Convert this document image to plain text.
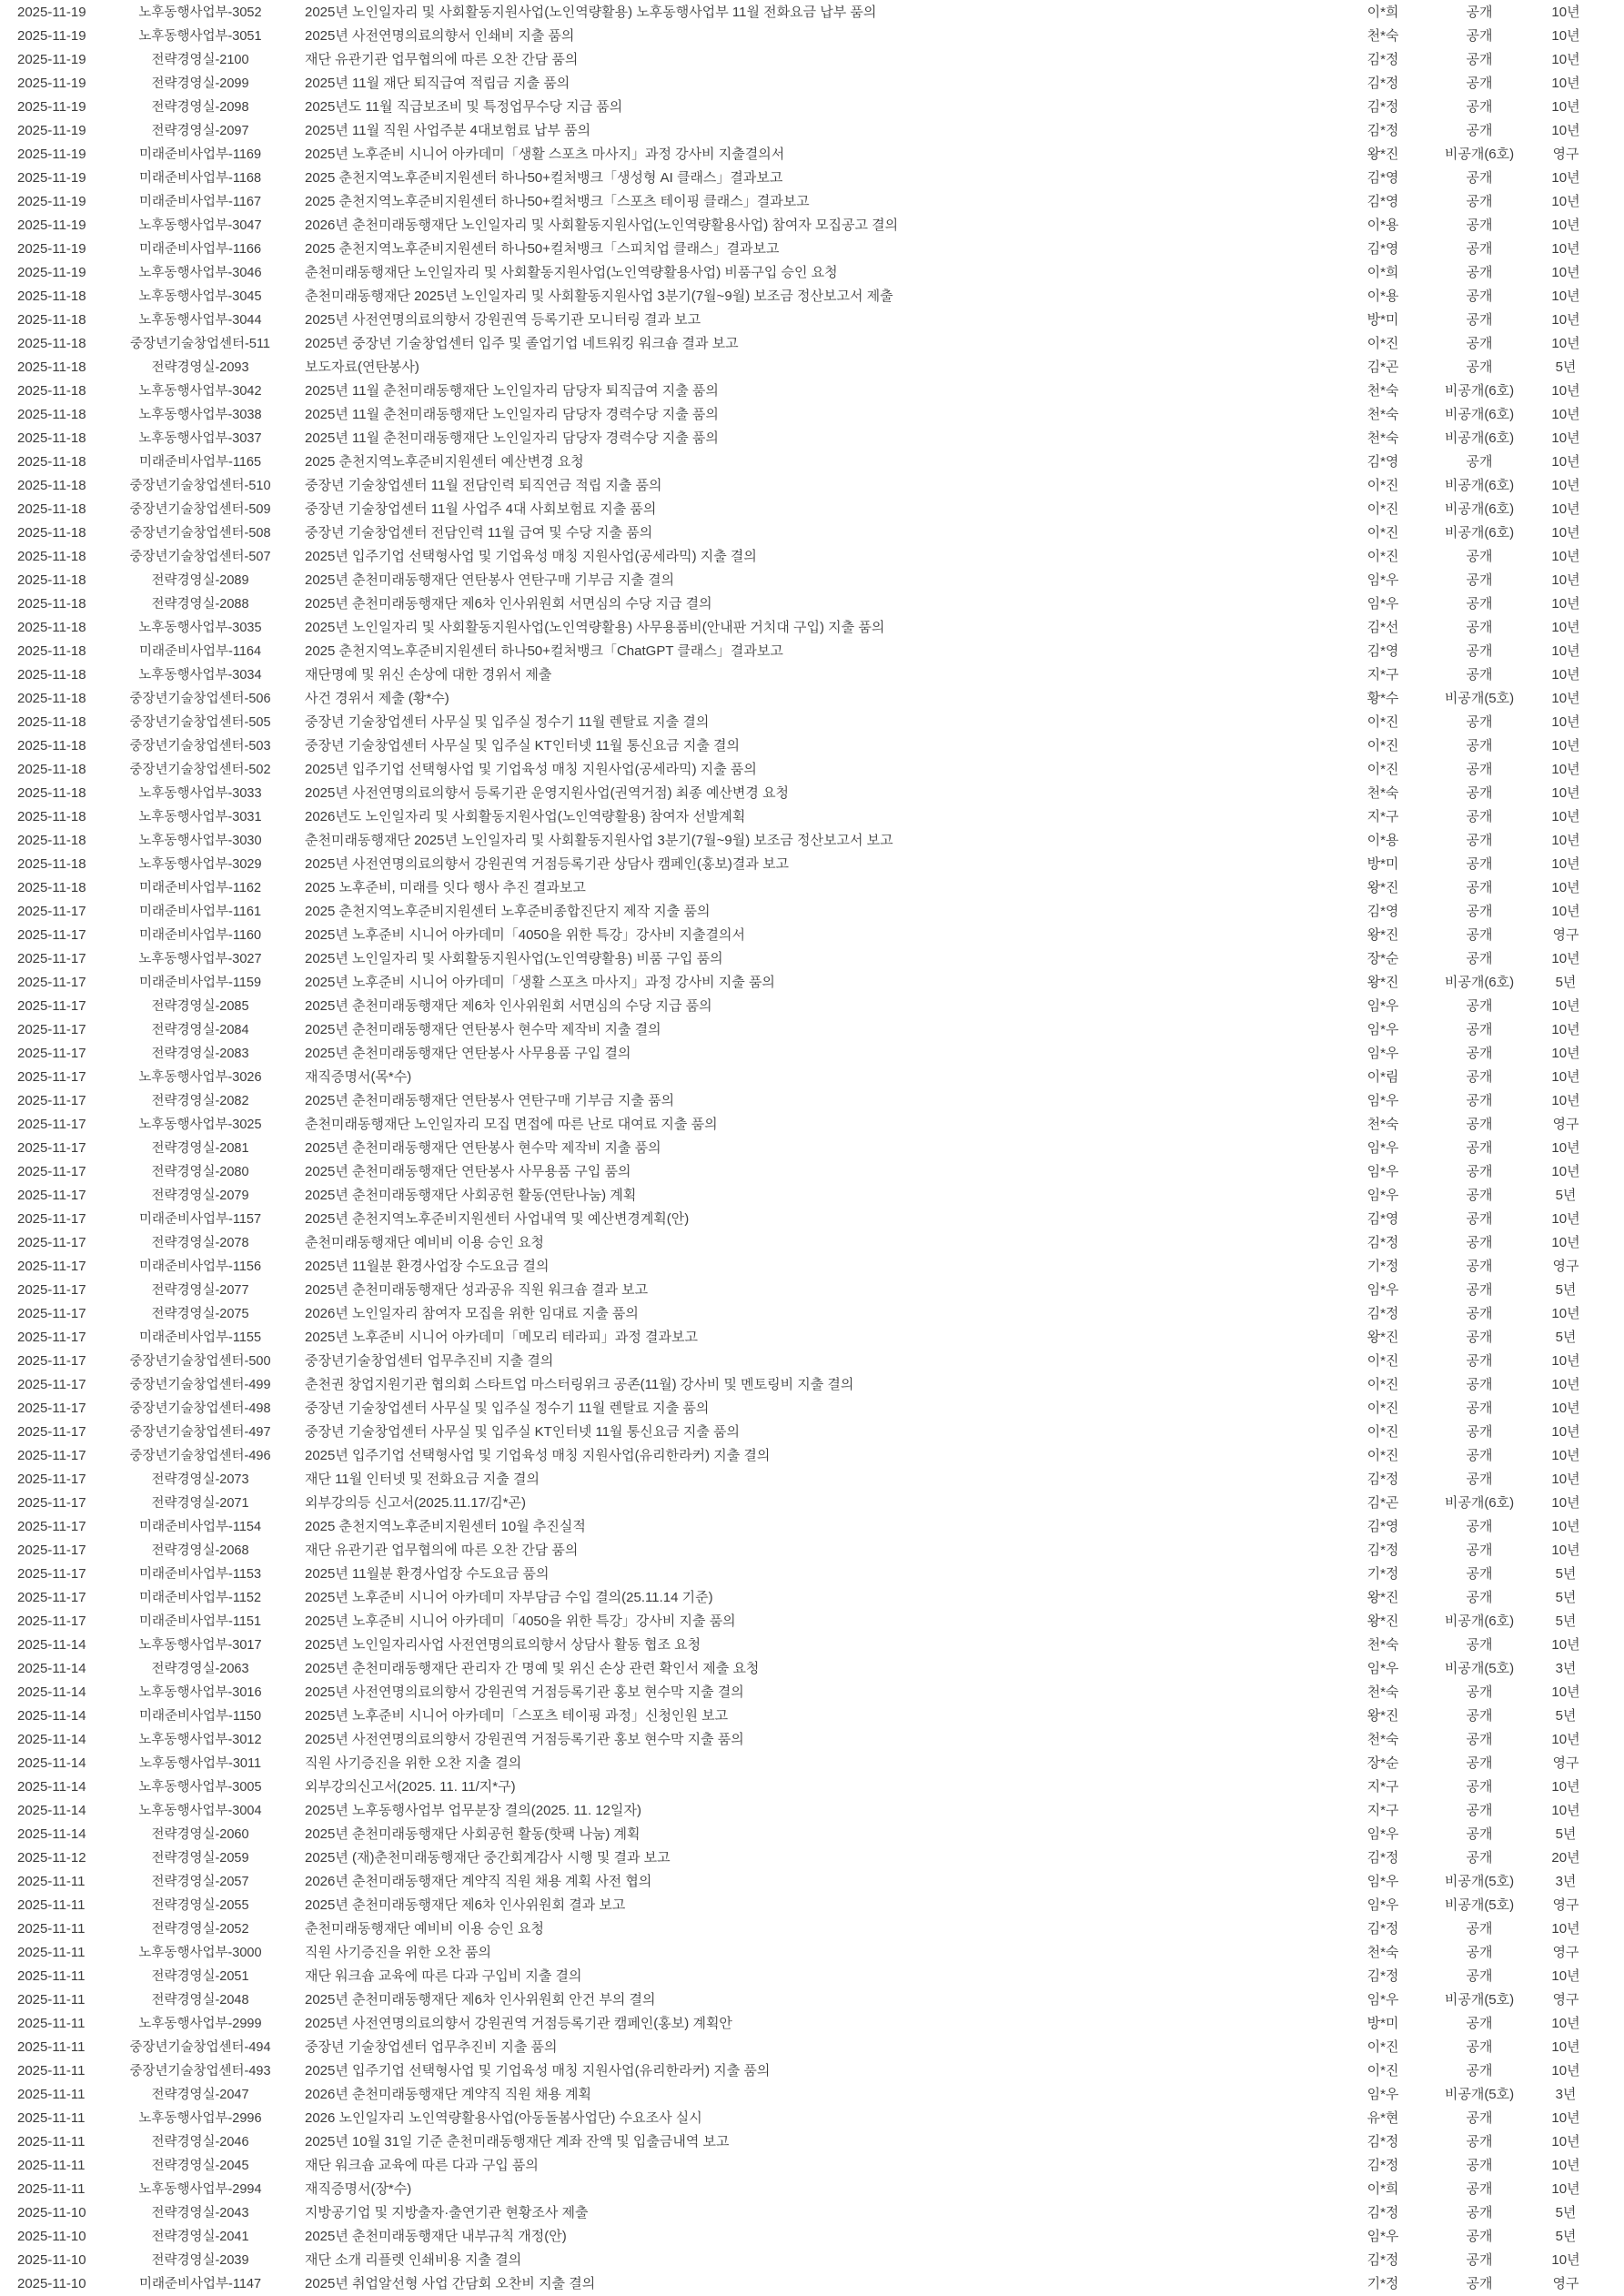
2025-11-19	노후동행사업부-3052	2025년 노인일자리 및 사회활동지원사업(노인역량활용) 노후동행사업부 11월 전화요금 납부 품의	이*희	공개	10년
2025-11-19	노후동행사업부-3051	2025년 사전연명의료의향서 인쇄비 지출 품의	천*숙	공개	10년
2025-11-19	전략경영실-2100	재단 유관기관 업무협의에 따른 오찬 간담 품의	김*정	공개	10년
2025-11-19	전략경영실-2099	2025년 11월 재단 퇴직급여 적립금 지출 품의	김*정	공개	10년
2025-11-19	전략경영실-2098	2025년도 11월 직급보조비 및 특정업무수당 지급 품의	김*정	공개	10년
2025-11-19	전략경영실-2097	2025년 11월 직원 사업주분 4대보험료 납부 품의	김*정	공개	10년
2025-11-19	미래준비사업부-1169	2025년 노후준비 시니어 아카데미「생활 스포츠 마사지」과정 강사비 지출결의서	왕*진	비공개(6호)	영구
2025-11-19	미래준비사업부-1168	2025 춘천지역노후준비지원센터 하나50+컬처뱅크「생성형 AI 클래스」결과보고	김*영	공개	10년
2025-11-19	미래준비사업부-1167	2025 춘천지역노후준비지원센터 하나50+컬처뱅크「스포츠 테이핑 클래스」결과보고	김*영	공개	10년
2025-11-19	노후동행사업부-3047	2026년 춘천미래동행재단 노인일자리 및 사회활동지원사업(노인역량활용사업) 참여자 모집공고 결의	이*용	공개	10년
2025-11-19	미래준비사업부-1166	2025 춘천지역노후준비지원센터 하나50+컬처뱅크「스피치업 클래스」결과보고	김*영	공개	10년
2025-11-19	노후동행사업부-3046	춘천미래동행재단 노인일자리 및 사회활동지원사업(노인역량활용사업) 비품구입 승인 요청	이*희	공개	10년
2025-11-18	노후동행사업부-3045	춘천미래동행재단 2025년 노인일자리 및 사회활동지원사업 3분기(7월~9월) 보조금 정산보고서 제출	이*용	공개	10년
2025-11-18	노후동행사업부-3044	2025년 사전연명의료의향서 강원권역 등록기관 모니터링 결과 보고	방*미	공개	10년
2025-11-18	중장년기술창업센터-511	2025년 중장년 기술창업센터 입주 및 졸업기업 네트워킹 워크숍 결과 보고	이*진	공개	10년
2025-11-18	전략경영실-2093	보도자료(연탄봉사)	김*곤	공개	5년
2025-11-18	노후동행사업부-3042	2025년 11월 춘천미래동행재단 노인일자리 담당자 퇴직급여 지출 품의	천*숙	비공개(6호)	10년
2025-11-18	노후동행사업부-3038	2025년 11월 춘천미래동행재단 노인일자리 담당자 경력수당 지출 품의	천*숙	비공개(6호)	10년
2025-11-18	노후동행사업부-3037	2025년 11월 춘천미래동행재단 노인일자리 담당자 경력수당 지출 품의	천*숙	비공개(6호)	10년
2025-11-18	미래준비사업부-1165	2025 춘천지역노후준비지원센터 예산변경 요청	김*영	공개	10년
2025-11-18	중장년기술창업센터-510	중장년 기술창업센터 11월 전담인력 퇴직연금 적립 지출 품의	이*진	비공개(6호)	10년
2025-11-18	중장년기술창업센터-509	중장년 기술창업센터 11월 사업주 4대 사회보험료 지출 품의	이*진	비공개(6호)	10년
2025-11-18	중장년기술창업센터-508	중장년 기술창업센터 전담인력 11월 급여 및 수당 지출 품의	이*진	비공개(6호)	10년
2025-11-18	중장년기술창업센터-507	2025년 입주기업 선택형사업 및 기업육성 매칭 지원사업(공세라믹) 지출 결의	이*진	공개	10년
2025-11-18	전략경영실-2089	2025년 춘천미래동행재단 연탄봉사 연탄구매 기부금 지출 결의	임*우	공개	10년
2025-11-18	전략경영실-2088	2025년 춘천미래동행재단 제6차 인사위원회 서면심의 수당 지급 결의	임*우	공개	10년
2025-11-18	노후동행사업부-3035	2025년 노인일자리 및 사회활동지원사업(노인역량활용) 사무용품비(안내판 거치대 구입) 지출 품의	김*선	공개	10년
2025-11-18	미래준비사업부-1164	2025 춘천지역노후준비지원센터 하나50+컬처뱅크「ChatGPT 클래스」결과보고	김*영	공개	10년
2025-11-18	노후동행사업부-3034	재단명예 및 위신 손상에 대한 경위서 제출	지*구	공개	10년
2025-11-18	중장년기술창업센터-506	사건 경위서 제출 (황*수)	황*수	비공개(5호)	10년
2025-11-18	중장년기술창업센터-505	중장년 기술창업센터 사무실 및 입주실 정수기 11월 렌탈료 지출 결의	이*진	공개	10년
2025-11-18	중장년기술창업센터-503	중장년 기술창업센터 사무실 및 입주실 KT인터넷 11월 통신요금 지출 결의	이*진	공개	10년
2025-11-18	중장년기술창업센터-502	2025년 입주기업 선택형사업 및 기업육성 매칭 지원사업(공세라믹) 지출 품의	이*진	공개	10년
2025-11-18	노후동행사업부-3033	2025년 사전연명의료의향서 등록기관 운영지원사업(권역거점) 최종 예산변경 요청	천*숙	공개	10년
2025-11-18	노후동행사업부-3031	2026년도 노인일자리 및 사회활동지원사업(노인역량활용) 참여자 선발계획	지*구	공개	10년
2025-11-18	노후동행사업부-3030	춘천미래동행재단 2025년 노인일자리 및 사회활동지원사업 3분기(7월~9월) 보조금 정산보고서 보고	이*용	공개	10년
2025-11-18	노후동행사업부-3029	2025년 사전연명의료의향서 강원권역 거점등록기관 상담사 캠페인(홍보)결과 보고	방*미	공개	10년
2025-11-18	미래준비사업부-1162	2025 노후준비, 미래를 잇다 행사 추진 결과보고	왕*진	공개	10년
2025-11-17	미래준비사업부-1161	2025 춘천지역노후준비지원센터 노후준비종합진단지 제작 지출 품의	김*영	공개	10년
2025-11-17	미래준비사업부-1160	2025년 노후준비 시니어 아카데미「4050을 위한 특강」강사비 지출결의서	왕*진	공개	영구
2025-11-17	노후동행사업부-3027	2025년 노인일자리 및 사회활동지원사업(노인역량활용) 비품 구입 품의	장*순	공개	10년
2025-11-17	미래준비사업부-1159	2025년 노후준비 시니어 아카데미「생활 스포츠 마사지」과정 강사비 지출 품의	왕*진	비공개(6호)	5년
2025-11-17	전략경영실-2085	2025년 춘천미래동행재단 제6차 인사위원회 서면심의 수당 지급 품의	임*우	공개	10년
2025-11-17	전략경영실-2084	2025년 춘천미래동행재단 연탄봉사 현수막 제작비 지출 결의	임*우	공개	10년
2025-11-17	전략경영실-2083	2025년 춘천미래동행재단 연탄봉사 사무용품 구입 결의	임*우	공개	10년
2025-11-17	노후동행사업부-3026	재직증명서(목*수)	이*림	공개	10년
2025-11-17	전략경영실-2082	2025년 춘천미래동행재단 연탄봉사 연탄구매 기부금 지출 품의	임*우	공개	10년
2025-11-17	노후동행사업부-3025	춘천미래동행재단 노인일자리 모집 면접에 따른 난로 대여료 지출 품의	천*숙	공개	영구
2025-11-17	전략경영실-2081	2025년 춘천미래동행재단 연탄봉사 현수막 제작비 지출 품의	임*우	공개	10년
2025-11-17	전략경영실-2080	2025년 춘천미래동행재단 연탄봉사 사무용품 구입 품의	임*우	공개	10년
2025-11-17	전략경영실-2079	2025년 춘천미래동행재단 사회공헌 활동(연탄나눔) 계획	임*우	공개	5년
2025-11-17	미래준비사업부-1157	2025년 춘천지역노후준비지원센터 사업내역 및 예산변경계획(안)	김*영	공개	10년
2025-11-17	전략경영실-2078	춘천미래동행재단 예비비 이용 승인 요청	김*정	공개	10년
2025-11-17	미래준비사업부-1156	2025년 11월분 환경사업장 수도요금 결의	기*정	공개	영구
2025-11-17	전략경영실-2077	2025년 춘천미래동행재단 성과공유 직원 워크숍 결과 보고	임*우	공개	5년
2025-11-17	전략경영실-2075	2026년 노인일자리 참여자 모집을 위한 임대료 지출 품의	김*정	공개	10년
2025-11-17	미래준비사업부-1155	2025년 노후준비 시니어 아카데미「메모리 테라피」과정 결과보고	왕*진	공개	5년
2025-11-17	중장년기술창업센터-500	중장년기술창업센터 업무추진비 지출 결의	이*진	공개	10년
2025-11-17	중장년기술창업센터-499	춘천권 창업지원기관 협의회 스타트업 마스터링위크 공존(11월) 강사비 및 멘토링비 지출 결의	이*진	공개	10년
2025-11-17	중장년기술창업센터-498	중장년 기술창업센터 사무실 및 입주실 정수기 11월 렌탈료 지출 품의	이*진	공개	10년
2025-11-17	중장년기술창업센터-497	중장년 기술창업센터 사무실 및 입주실 KT인터넷 11월 통신요금 지출 품의	이*진	공개	10년
2025-11-17	중장년기술창업센터-496	2025년 입주기업 선택형사업 및 기업육성 매칭 지원사업(유리한라커) 지출 결의	이*진	공개	10년
2025-11-17	전략경영실-2073	재단 11월 인터넷 및 전화요금 지출 결의	김*정	공개	10년
2025-11-17	전략경영실-2071	외부강의등 신고서(2025.11.17/김*곤)	김*곤	비공개(6호)	10년
2025-11-17	미래준비사업부-1154	2025 춘천지역노후준비지원센터 10월 추진실적	김*영	공개	10년
2025-11-17	전략경영실-2068	재단 유관기관 업무협의에 따른 오찬 간담 품의	김*정	공개	10년
2025-11-17	미래준비사업부-1153	2025년 11월분 환경사업장 수도요금 품의	기*정	공개	5년
2025-11-17	미래준비사업부-1152	2025년 노후준비 시니어 아카데미 자부담금 수입 결의(25.11.14 기준)	왕*진	공개	5년
2025-11-17	미래준비사업부-1151	2025년 노후준비 시니어 아카데미「4050을 위한 특강」강사비 지출 품의	왕*진	비공개(6호)	5년
2025-11-14	노후동행사업부-3017	2025년 노인일자리사업 사전연명의료의향서 상담사 활동 협조 요청	천*숙	공개	10년
2025-11-14	전략경영실-2063	2025년 춘천미래동행재단 관리자 간 명예 및 위신 손상 관련 확인서 제출 요청	임*우	비공개(5호)	3년
2025-11-14	노후동행사업부-3016	2025년 사전연명의료의향서 강원권역 거점등록기관 홍보 현수막 지출 결의	천*숙	공개	10년
2025-11-14	미래준비사업부-1150	2025년 노후준비 시니어 아카데미「스포츠 테이핑 과정」신청인원 보고	왕*진	공개	5년
2025-11-14	노후동행사업부-3012	2025년 사전연명의료의향서 강원권역 거점등록기관 홍보 현수막 지출 품의	천*숙	공개	10년
2025-11-14	노후동행사업부-3011	직원 사기증진을 위한 오찬 지출 결의	장*순	공개	영구
2025-11-14	노후동행사업부-3005	외부강의신고서(2025. 11. 11/지*구)	지*구	공개	10년
2025-11-14	노후동행사업부-3004	2025년 노후동행사업부 업무분장 결의(2025. 11. 12일자)	지*구	공개	10년
2025-11-14	전략경영실-2060	2025년 춘천미래동행재단 사회공헌 활동(핫팩 나눔) 계획	임*우	공개	5년
2025-11-12	전략경영실-2059	2025년 (재)춘천미래동행재단 중간회계감사 시행 및 결과 보고	김*정	공개	20년
2025-11-11	전략경영실-2057	2026년 춘천미래동행재단 계약직 직원 채용 계획 사전 협의	임*우	비공개(5호)	3년
2025-11-11	전략경영실-2055	2025년 춘천미래동행재단 제6차 인사위원회 결과 보고	임*우	비공개(5호)	영구
2025-11-11	전략경영실-2052	춘천미래동행재단 예비비 이용 승인 요청	김*정	공개	10년
2025-11-11	노후동행사업부-3000	직원 사기증진을 위한 오찬 품의	천*숙	공개	영구
2025-11-11	전략경영실-2051	재단 워크숍 교육에 따른 다과 구입비 지출 결의	김*정	공개	10년
2025-11-11	전략경영실-2048	2025년 춘천미래동행재단 제6차 인사위원회 안건 부의 결의	임*우	비공개(5호)	영구
2025-11-11	노후동행사업부-2999	2025년 사전연명의료의향서 강원권역 거점등록기관 캠페인(홍보) 계획안	방*미	공개	10년
2025-11-11	중장년기술창업센터-494	중장년 기술창업센터 업무추진비 지출 품의	이*진	공개	10년
2025-11-11	중장년기술창업센터-493	2025년 입주기업 선택형사업 및 기업육성 매칭 지원사업(유리한라커) 지출 품의	이*진	공개	10년
2025-11-11	전략경영실-2047	2026년 춘천미래동행재단 계약직 직원 채용 계획	임*우	비공개(5호)	3년
2025-11-11	노후동행사업부-2996	2026 노인일자리 노인역량활용사업(아동돌봄사업단) 수요조사 실시	유*현	공개	10년
2025-11-11	전략경영실-2046	2025년 10월 31일 기준 춘천미래동행재단 계좌 잔액 및 입출금내역 보고	김*정	공개	10년
2025-11-11	전략경영실-2045	재단 워크숍 교육에 따른 다과 구입 품의	김*정	공개	10년
2025-11-11	노후동행사업부-2994	재직증명서(장*수)	이*희	공개	10년
2025-11-10	전략경영실-2043	지방공기업 및 지방출자·출연기관 현황조사 제출	김*정	공개	5년
2025-11-10	전략경영실-2041	2025년 춘천미래동행재단 내부규칙 개정(안)	임*우	공개	5년
2025-11-10	전략경영실-2039	재단 소개 리플렛 인쇄비용 지출 결의	김*정	공개	10년
2025-11-10	미래준비사업부-1147	2025년 취업알선형 사업 간담회 오찬비 지출 결의	기*정	공개	영구
